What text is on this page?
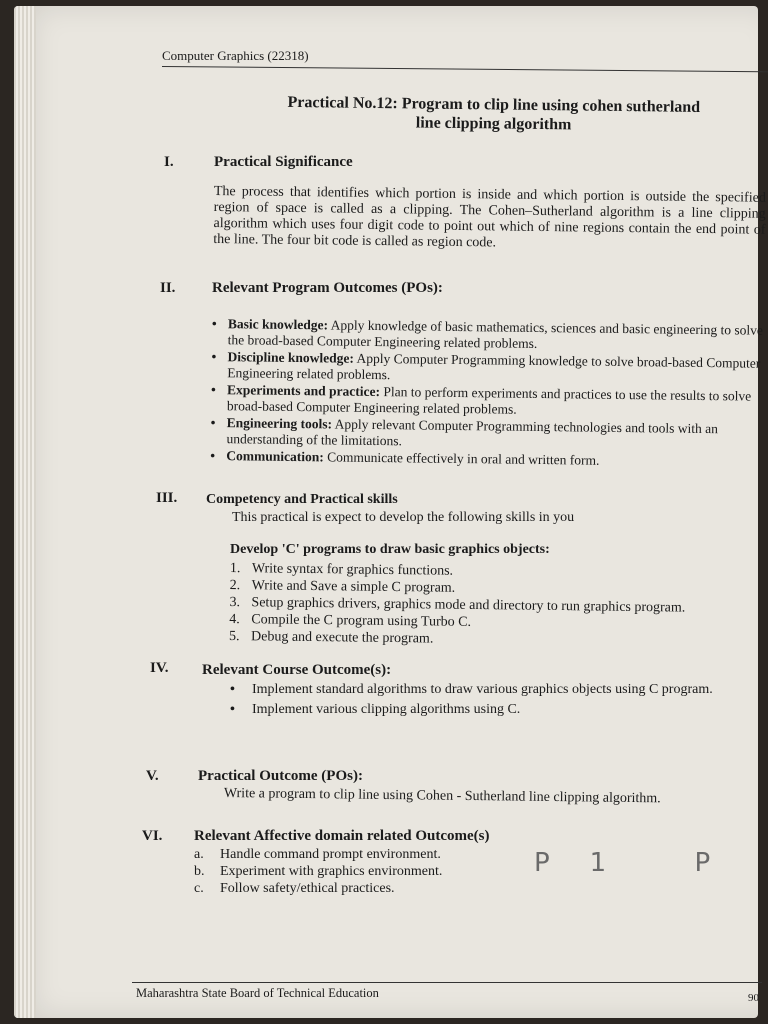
Computer Graphics (22318)
Practical No.12: Program to clip line using cohen sutherland
line clipping algorithm
I.	Practical Significance
The process that identifies which portion is inside and which portion is outside the specified region of space is called as a clipping. The Cohen–Sutherland algorithm is a line clipping algorithm which uses four digit code to point out which of nine regions contain the end point of the line. The four bit code is called as region code.
II. Relevant Program Outcomes (POs):
• Basic knowledge: Apply knowledge of basic mathematics, sciences and basic engineering to solve the broad-based Computer Engineering related problems.
• Discipline knowledge: Apply Computer Programming knowledge to solve broad-based Computer Engineering related problems.
• Experiments and practice: Plan to perform experiments and practices to use the results to solve broad-based Computer Engineering related problems.
• Engineering tools: Apply relevant Computer Programming technologies and tools with an understanding of the limitations.
• Communication: Communicate effectively in oral and written form.
III. Competency and Practical skills
This practical is expect to develop the following skills in you
Develop 'C' programs to draw basic graphics objects:
1. Write syntax for graphics functions.
2. Write and Save a simple C program.
3. Setup graphics drivers, graphics mode and directory to run graphics program.
4. Compile the C program using Turbo C.
5. Debug and execute the program.
IV. Relevant Course Outcome(s):
• Implement standard algorithms to draw various graphics objects using C program.
• Implement various clipping algorithms using C.
V.	Practical Outcome (POs):
Write a program to clip line using Cohen - Sutherland line clipping algorithm.
VI. Relevant Affective domain related Outcome(s)
a. Handle command prompt environment.
b. Experiment with graphics environment.
c. Follow safety/ethical practices.
P1 P
Maharashtra State Board of Technical Education	90
